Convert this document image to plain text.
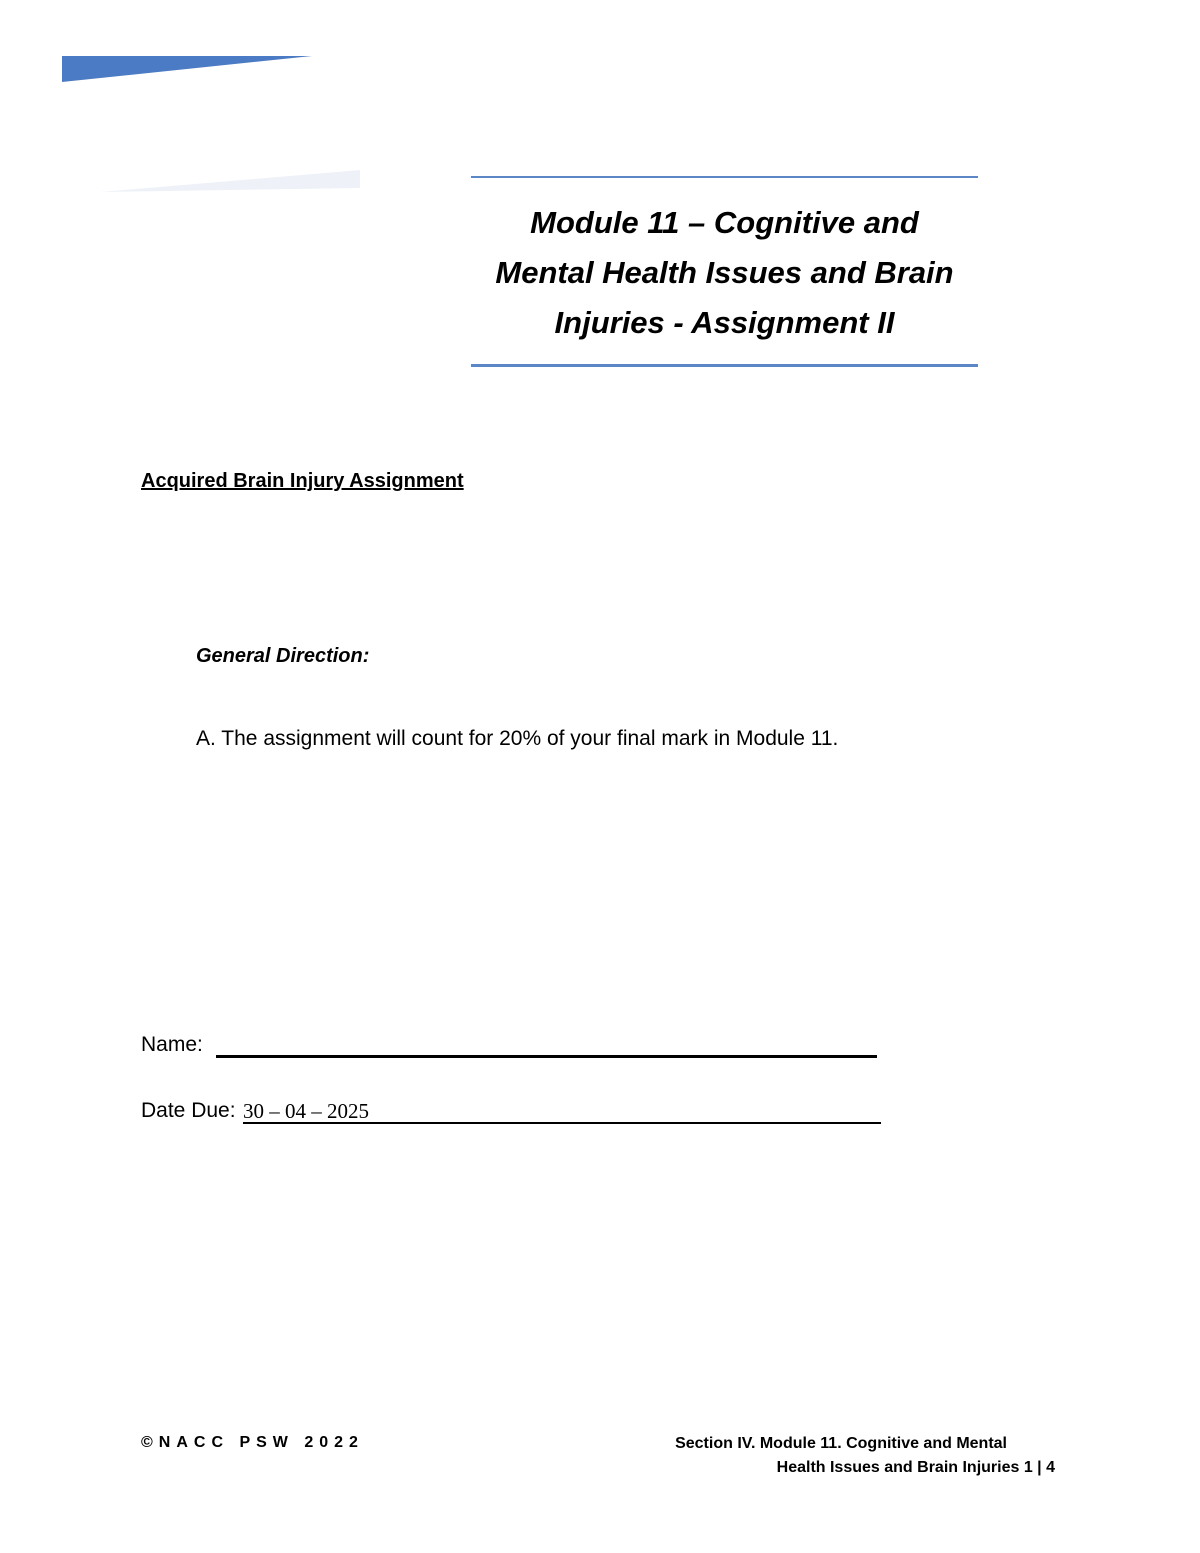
Module 11 – Cognitive and
Mental Health Issues and Brain
Injuries - Assignment II
Acquired Brain Injury Assignment
General Direction:
A. The assignment will count for 20% of your final mark in Module 11.
Name:
Date Due: 30 – 04 – 2025
©NACC PSW 2022	Section IV. Module 11. Cognitive and Mental
Health Issues and Brain Injuries 1 | 4
